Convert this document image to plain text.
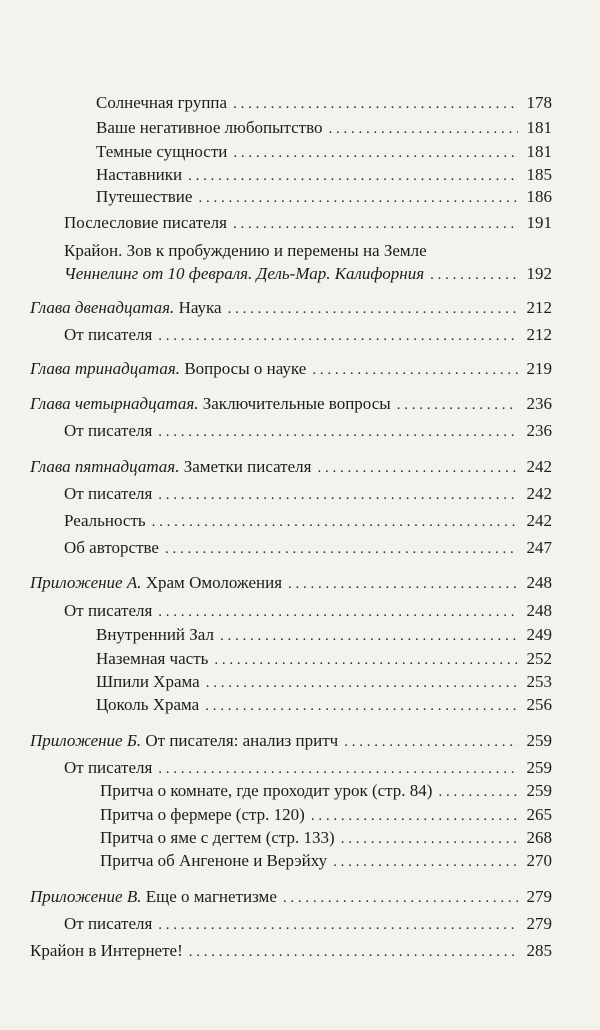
Солнечная группа . . .	178
Ваше негативное любопытство . . .	181
Темные сущности . . .	181
Наставники . . .	185
Путешествие . . .	186
Послесловие писателя . . .	191
Крайон. Зов к пробуждению и перемены на Земле
Ченнелинг от 10 февраля. Дель-Мар. Калифорния . . .	192
Глава двенадцатая. Наука . . .	212
От писателя . . .	212
Глава тринадцатая. Вопросы о науке . . .	219
Глава четырнадцатая. Заключительные вопросы . . .	236
От писателя . . .	236
Глава пятнадцатая. Заметки писателя . . .	242
От писателя . . .	242
Реальность . . .	242
Об авторстве . . .	247
Приложение А. Храм Омоложения . . .	248
От писателя . . .	248
Внутренний Зал . . .	249
Наземная часть . . .	252
Шпили Храма . . .	253
Цоколь Храма . . .	256
Приложение Б. От писателя: анализ притч . . .	259
От писателя . . .	259
Притча о комнате, где проходит урок (стр. 84) . . .	259
Притча о фермере (стр. 120) . . .	265
Притча о яме с дегтем (стр. 133) . . .	268
Притча об Ангеноне и Верэйху . . .	270
Приложение В. Еще о магнетизме . . .	279
От писателя . . .	279
Крайон в Интернете! . . .	285
